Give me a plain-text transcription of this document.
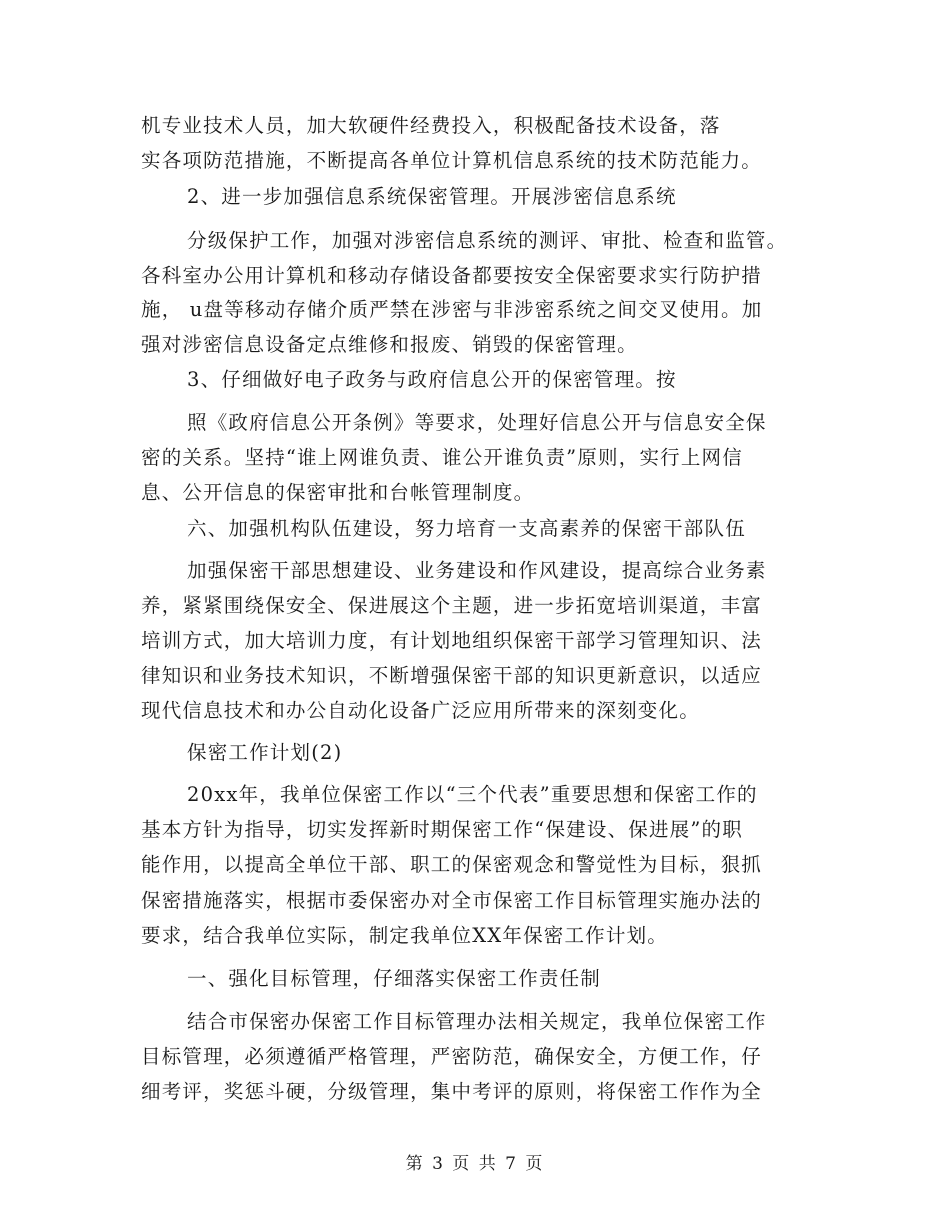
机专业技术人员，加大软硬件经费投入，积极配备技术设备，落
实各项防范措施，不断提高各单位计算机信息系统的技术防范能力。
2、进一步加强信息系统保密管理。开展涉密信息系统
分级保护工作，加强对涉密信息系统的测评、审批、检查和监管。
各科室办公用计算机和移动存储设备都要按安全保密要求实行防护措
施， u盘等移动存储介质严禁在涉密与非涉密系统之间交叉使用。加
强对涉密信息设备定点维修和报废、销毁的保密管理。
3、仔细做好电子政务与政府信息公开的保密管理。按
照《政府信息公开条例》等要求，处理好信息公开与信息安全保
密的关系。坚持“谁上网谁负责、谁公开谁负责”原则，实行上网信
息、公开信息的保密审批和台帐管理制度。
六、加强机构队伍建设，努力培育一支高素养的保密干部队伍
加强保密干部思想建设、业务建设和作风建设，提高综合业务素
养，紧紧围绕保安全、保进展这个主题，进一步拓宽培训渠道，丰富
培训方式，加大培训力度，有计划地组织保密干部学习管理知识、法
律知识和业务技术知识，不断增强保密干部的知识更新意识，以适应
现代信息技术和办公自动化设备广泛应用所带来的深刻变化。
保密工作计划(2)
20xx年，我单位保密工作以“三个代表”重要思想和保密工作的
基本方针为指导，切实发挥新时期保密工作“保建设、保进展”的职
能作用，以提高全单位干部、职工的保密观念和警觉性为目标，狠抓
保密措施落实，根据市委保密办对全市保密工作目标管理实施办法的
要求，结合我单位实际，制定我单位XX年保密工作计划。
一、强化目标管理，仔细落实保密工作责任制
结合市保密办保密工作目标管理办法相关规定，我单位保密工作
目标管理，必须遵循严格管理，严密防范，确保安全，方便工作，仔
细考评，奖惩斗硬，分级管理，集中考评的原则，将保密工作作为全
第 3 页 共 7 页
